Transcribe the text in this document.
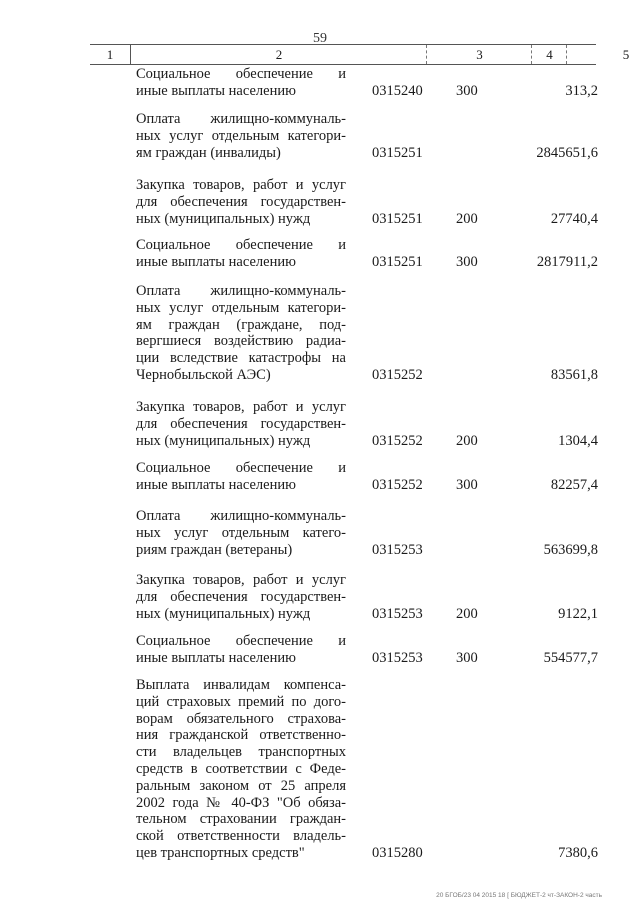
59
1	2	3	4	5
Социальное обеспечение и

иные выплаты населению	0315240 300	313,2
Оплата жилищно-коммуналь-
ных услуг отдельным категори-

ям граждан (инвалиды)	0315251	2845651,6
Закупка товаров, работ и услуг
для обеспечения государствен-

ных (муниципальных) нужд	0315251 200	27740,4
Социальное обеспечение и

иные выплаты населению	0315251 300	2817911,2
Оплата жилищно-коммуналь-
ных услуг отдельным категори-
ям граждан (граждане, под-
вергшиеся воздействию радиа-
ции вследствие катастрофы на

Чернобыльской АЭС)	0315252	83561,8
Закупка товаров, работ и услуг
для обеспечения государствен-

ных (муниципальных) нужд	0315252 200	1304,4
Социальное обеспечение и

иные выплаты населению	0315252 300	82257,4
Оплата жилищно-коммуналь-
ных услуг отдельным катего-

риям граждан (ветераны)	0315253	563699,8
Закупка товаров, работ и услуг
для обеспечения государствен-

ных (муниципальных) нужд	0315253 200	9122,1
Социальное обеспечение и

иные выплаты населению	0315253 300	554577,7
Выплата инвалидам компенса-
ций страховых премий по дого-
ворам обязательного страхова-
ния гражданской ответственно-
сти владельцев транспортных
средств в соответствии с Феде-
ральным законом от 25 апреля
2002 года № 40-ФЗ "Об обяза-
тельном страховании граждан-
ской ответственности владель-

цев транспортных средств"	0315280	7380,6
20 БГОБ/23 04 2015 18 [ БЮДЖЕТ-2 чт-ЗАКОН-2 часть
